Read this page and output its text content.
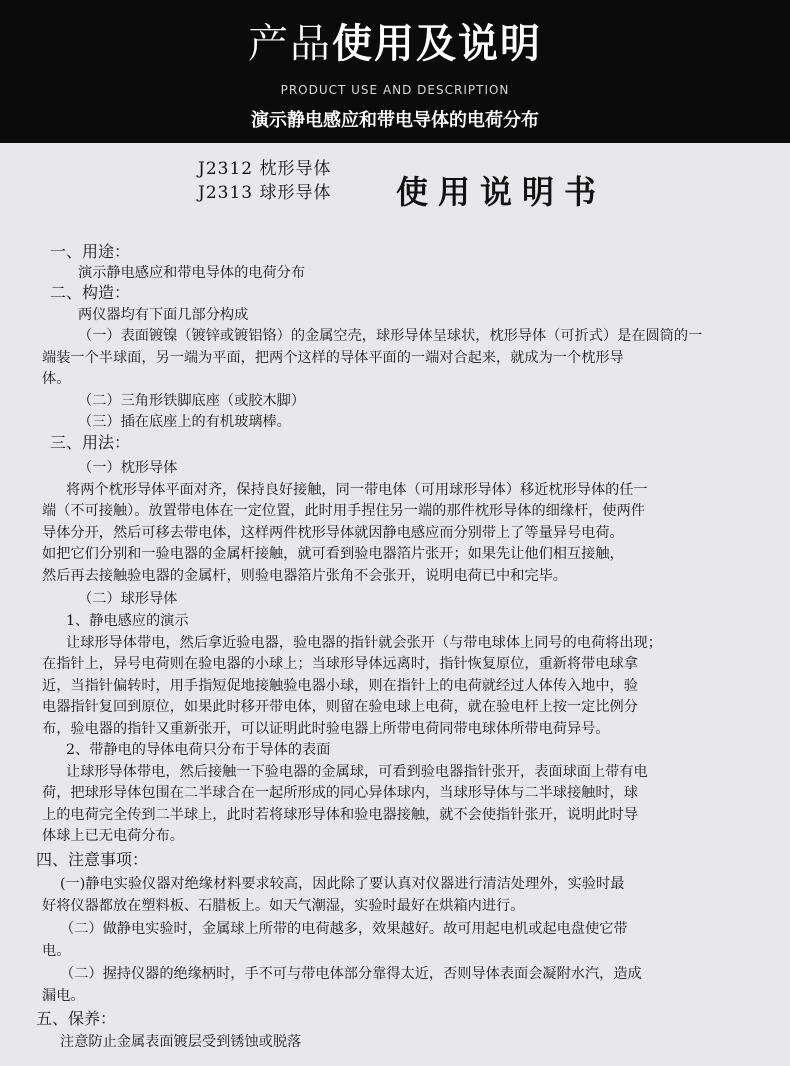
产品使用及说明
PRODUCT USE AND DESCRIPTION
演示静电感应和带电导体的电荷分布
J2312 枕形导体
J2313 球形导体 使用说明书
一、用途：
演示静电感应和带电导体的电荷分布
二、构造：
两仪器均有下面几部分构成
（一）表面镀镍（镀锌或镀铝铬）的金属空壳，球形导体呈球状，枕形导体（可折式）是在圆筒的一
端装一个半球面，另一端为平面，把两个这样的导体平面的一端对合起来，就成为一个枕形导
体。
（二）三角形铁脚底座（或胶木脚）
（三）插在底座上的有机玻璃棒。
三、用法：
（一）枕形导体
将两个枕形导体平面对齐，保持良好接触，同一带电体（可用球形导体）移近枕形导体的任一
端（不可接触）。放置带电体在一定位置，此时用手捏住另一端的那件枕形导体的细缘杆，使两件
导体分开，然后可移去带电体，这样两件枕形导体就因静电感应而分别带上了等量异号电荷。
如把它们分别和一验电器的金属杆接触，就可看到验电器箔片张开；如果先让他们相互接触，
然后再去接触验电器的金属杆，则验电器箔片张角不会张开，说明电荷已中和完毕。
（二）球形导体
1、静电感应的演示
让球形导体带电，然后拿近验电器，验电器的指针就会张开（与带电球体上同号的电荷将出现；
在指针上，异号电荷则在验电器的小球上；当球形导体远离时，指针恢复原位，重新将带电球拿
近，当指针偏转时，用手指短促地接触验电器小球，则在指针上的电荷就经过人体传入地中，验
电器指针复回到原位，如果此时移开带电体，则留在验电球上电荷，就在验电杆上按一定比例分
布，验电器的指针又重新张开，可以证明此时验电器上所带电荷同带电球体所带电荷异号。
2、带静电的导体电荷只分布于导体的表面
让球形导体带电，然后接触一下验电器的金属球，可看到验电器指针张开，表面球面上带有电
荷，把球形导体包围在二半球合在一起所形成的同心异体球内，当球形导体与二半球接触时，球
上的电荷完全传到二半球上，此时若将球形导体和验电器接触，就不会使指针张开，说明此时导
体球上已无电荷分布。
四、注意事项：
(一)静电实验仪器对绝缘材料要求较高，因此除了要认真对仪器进行清洁处理外，实验时最
好将仪器都放在塑料板、石腊板上。如天气潮湿，实验时最好在烘箱内进行。
（二）做静电实验时，金属球上所带的电荷越多，效果越好。故可用起电机或起电盘使它带
电。
（二）握持仪器的绝缘柄时，手不可与带电体部分靠得太近，否则导体表面会凝附水汽，造成
漏电。
五、保养：
注意防止金属表面镀层受到锈蚀或脱落
